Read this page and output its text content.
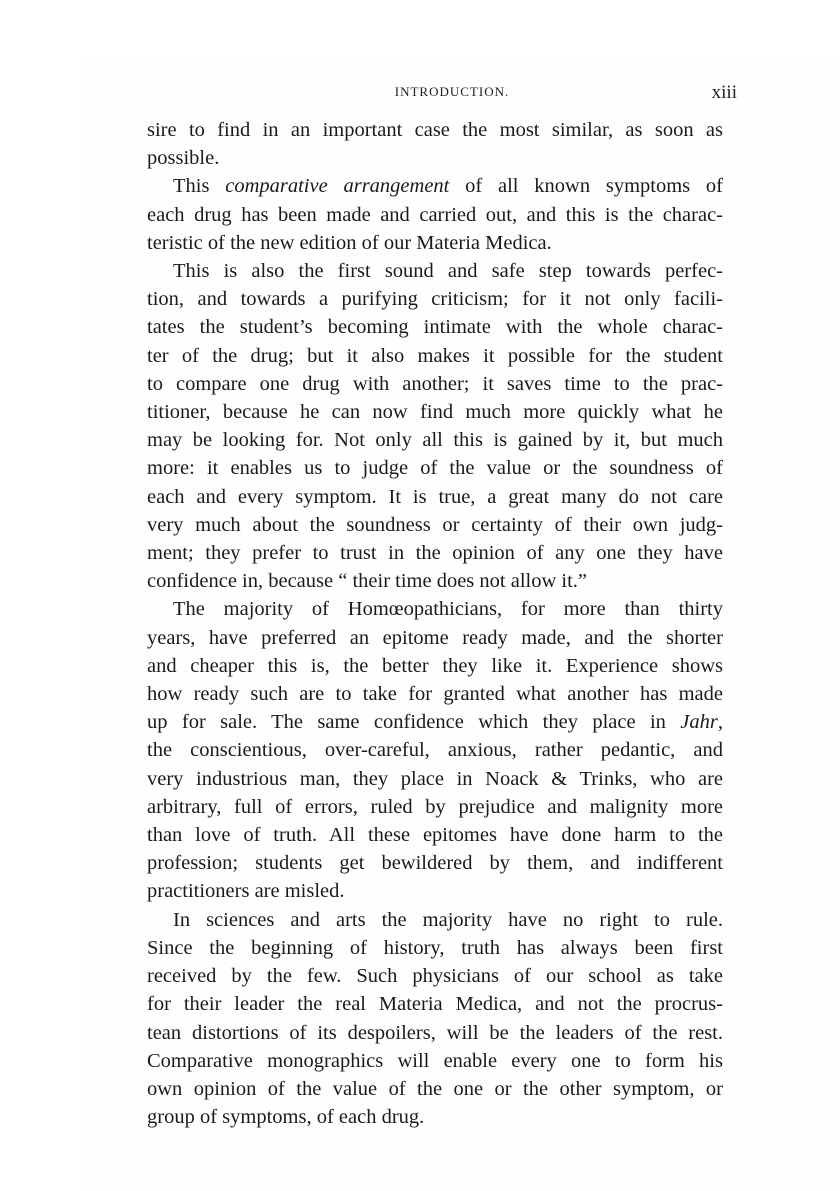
INTRODUCTION.	xiii
sire to find in an important case the most similar, as soon as
possible.
This comparative arrangement of all known symptoms of
each drug has been made and carried out, and this is the charac-
teristic of the new edition of our Materia Medica.
This is also the first sound and safe step towards perfec-
tion, and towards a purifying criticism; for it not only facili-
tates the student’s becoming intimate with the whole charac-
ter of the drug; but it also makes it possible for the student
to compare one drug with another; it saves time to the prac-
titioner, because he can now find much more quickly what he
may be looking for. Not only all this is gained by it, but much
more: it enables us to judge of the value or the soundness of
each and every symptom. It is true, a great many do not care
very much about the soundness or certainty of their own judg-
ment; they prefer to trust in the opinion of any one they have
confidence in, because “ their time does not allow it.”
The majority of Homœopathicians, for more than thirty
years, have preferred an epitome ready made, and the shorter
and cheaper this is, the better they like it. Experience shows
how ready such are to take for granted what another has made
up for sale. The same confidence which they place in Jahr,
the conscientious, over-careful, anxious, rather pedantic, and
very industrious man, they place in Noack & Trinks, who are
arbitrary, full of errors, ruled by prejudice and malignity more
than love of truth. All these epitomes have done harm to the
profession; students get bewildered by them, and indifferent
practitioners are misled.
In sciences and arts the majority have no right to rule.
Since the beginning of history, truth has always been first
received by the few. Such physicians of our school as take
for their leader the real Materia Medica, and not the procrus-
tean distortions of its despoilers, will be the leaders of the rest.
Comparative monographics will enable every one to form his
own opinion of the value of the one or the other symptom, or
group of symptoms, of each drug.
